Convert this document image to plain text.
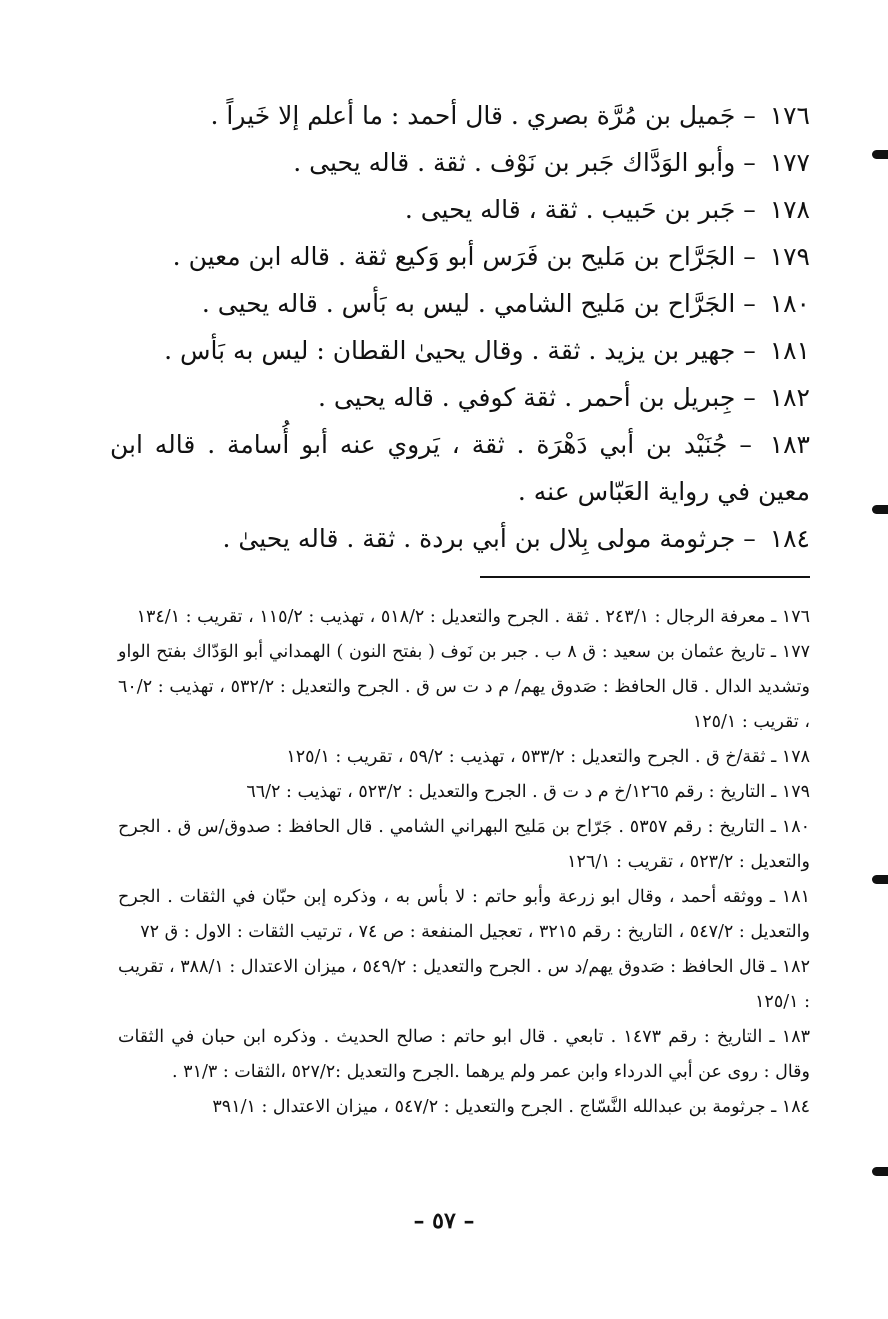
١٧٦ – جَميل بن مُرَّة بصري . قال أحمد : ما أعلم إلا خَيراً .

١٧٧ – وأبو الوَدَّاك جَبر بن نَوْف . ثقة . قاله يحيى .

١٧٨ – جَبر بن حَبيب . ثقة ، قاله يحيى .

١٧٩ – الجَرَّاح بن مَليح بن فَرَس أبو وَكيع ثقة . قاله ابن معين .

١٨٠ – الجَرَّاح بن مَليح الشامي . ليس به بَأس . قاله يحيى .

١٨١ – جهير بن يزيد . ثقة . وقال يحيىٰ القطان : ليس به بَأس .

١٨٢ – جِبريل بن أحمر . ثقة كوفي . قاله يحيى .

١٨٣ – جُنَيْد بن أبي دَهْرَة . ثقة ، يَروي عنه أبو أُسامة . قاله ابن معين في رواية العَبّاس عنه .

١٨٤ – جرثومة مولى بِلال بن أبي بردة . ثقة . قاله يحيىٰ .

١٧٦ ـ معرفة الرجال : ٢٤٣/١ . ثقة . الجرح والتعديل : ٥١٨/٢ ، تهذيب : ١١٥/٢ ، تقريب : ١٣٤/١

١٧٧ ـ تاريخ عثمان بن سعيد : ق ٨ ب . جبر بن نَوف ( بفتح النون ) الهمداني أبو الوَدّاك بفتح الواو وتشديد الدال . قال الحافظ : صَدوق يهم/ م د ت س ق . الجرح والتعديل : ٥٣٢/٢ ، تهذيب : ٦٠/٢ ، تقريب : ١٢٥/١

١٧٨ ـ ثقة/خ ق . الجرح والتعديل : ٥٣٣/٢ ، تهذيب : ٥٩/٢ ، تقريب : ١٢٥/١

١٧٩ ـ التاريخ : رقم ١٢٦٥/خ م د ت ق . الجرح والتعديل : ٥٢٣/٢ ، تهذيب : ٦٦/٢

١٨٠ ـ التاريخ : رقم ٥٣٥٧ . جَرّاح بن مَليح البهراني الشامي . قال الحافظ : صدوق/س ق . الجرح والتعديل : ٥٢٣/٢ ، تقريب : ١٢٦/١

١٨١ ـ ووثقه أحمد ، وقال ابو زرعة وأبو حاتم : لا بأس به ، وذكره إبن حبّان في الثقات . الجرح والتعديل : ٥٤٧/٢ ، التاريخ : رقم ٣٢١٥ ، تعجيل المنفعة : ص ٧٤ ، ترتيب الثقات : الاول : ق ٧٢

١٨٢ ـ قال الحافظ : صَدوق يهم/د س . الجرح والتعديل : ٥٤٩/٢ ، ميزان الاعتدال : ٣٨٨/١ ، تقريب : ١٢٥/١

١٨٣ ـ التاريخ : رقم ١٤٧٣ . تابعي . قال ابو حاتم : صالح الحديث . وذكره ابن حبان في الثقات وقال : روى عن أبي الدرداء وابن عمر ولم يرهما .الجرح والتعديل :٥٢٧/٢ ،الثقات : ٣١/٣ .

١٨٤ ـ جرثومة بن عبدالله النَّسّاج . الجرح والتعديل : ٥٤٧/٢ ، ميزان الاعتدال : ٣٩١/١

– ٥٧ –
